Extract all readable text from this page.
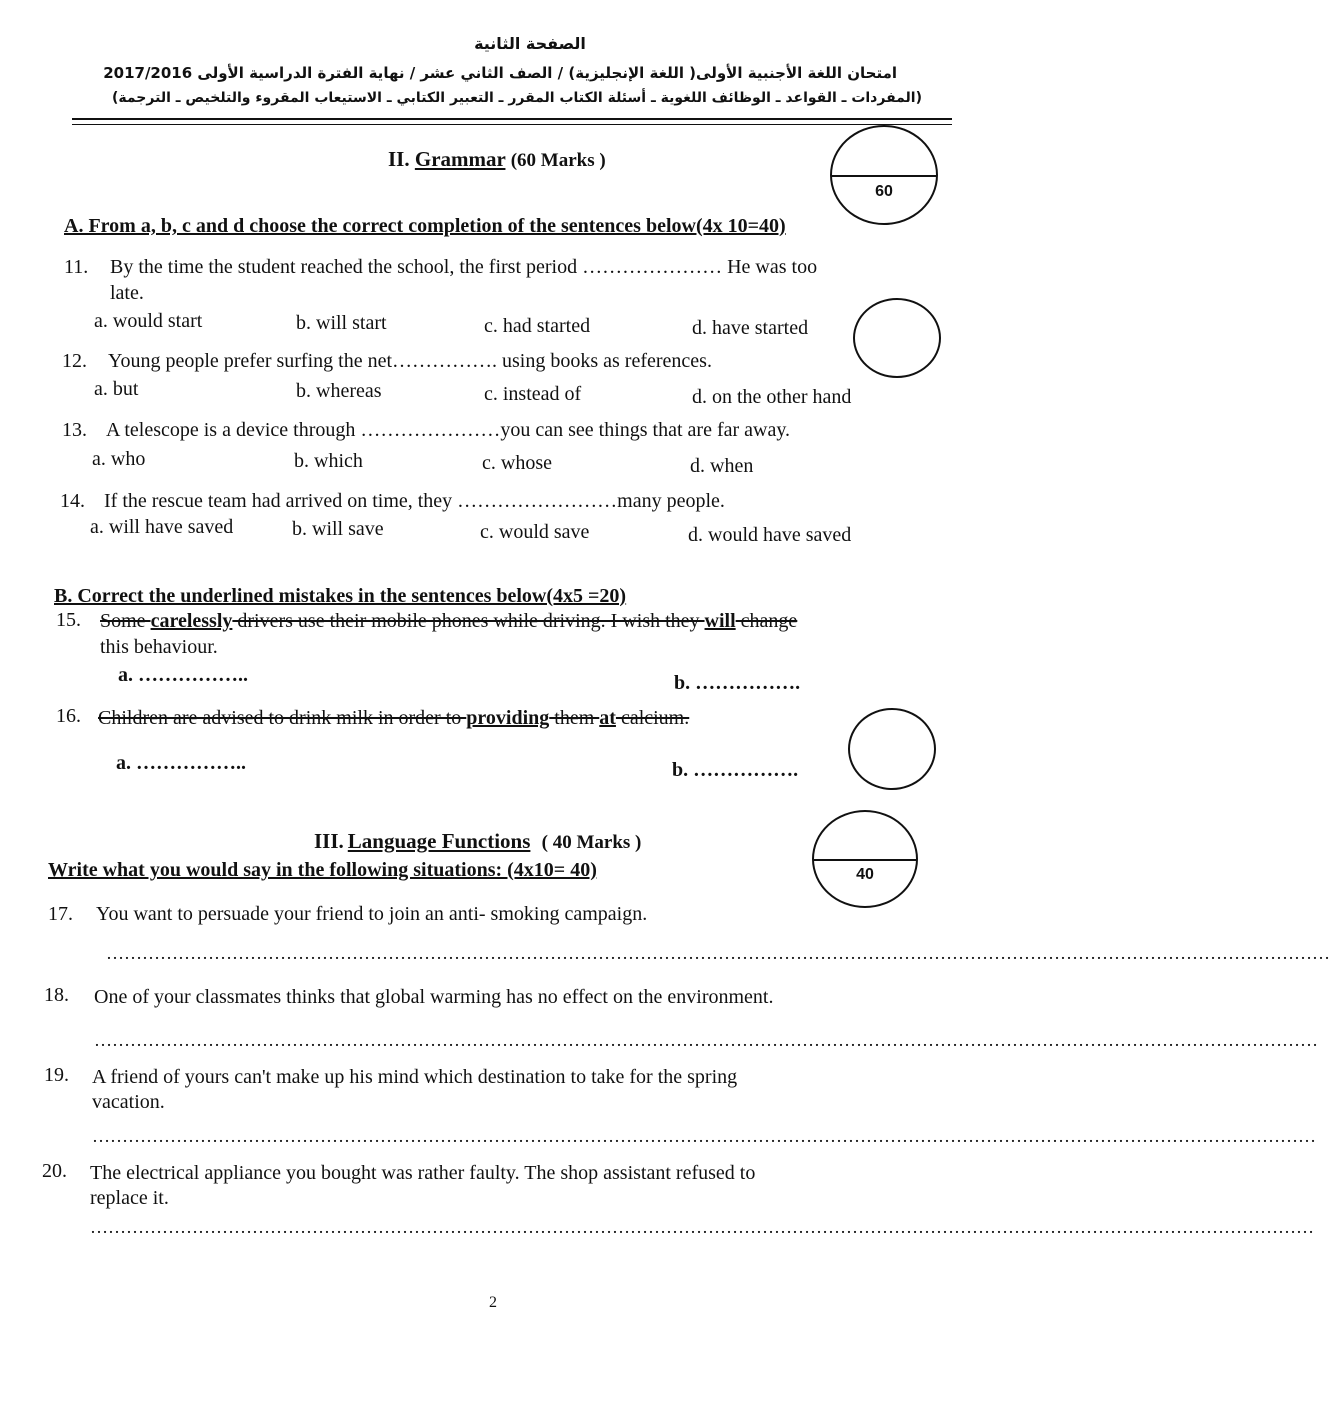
الصفحة الثانية
امتحان اللغة الأجنبية الأولى( اللغة الإنجليزية) / الصف الثاني عشر / نهاية الفترة الدراسية الأولى 2017/2016
(المفردات ـ القواعد ـ الوظائف اللغوية ـ أسئلة الكتاب المقرر ـ التعبير الكتابي ـ الاستيعاب المقروء والتلخيص ـ الترجمة)
II. Grammar (60 Marks )
60
A. From a, b, c and d choose the correct completion of the sentences below(4x 10=40)
11. By the time the student reached the school, the first period ………………… He was too
late.
a. would start	b. will start	c. had started	d. have started
12. Young people prefer surfing the net……………. using books as references.
a. but	b. whereas	c. instead of	d. on the other hand
13. A telescope is a device through …………………you can see things that are far away.
a. who	b. which	c. whose	d. when
14. If the rescue team had arrived on time, they ……………………many people.
a. will have saved	b. will save	c. would save	d. would have saved
B. Correct the underlined mistakes in the sentences below(4x5 =20)
15. Some carelessly drivers use their mobile phones while driving. I wish they will change
this behaviour.
a. ……………..	b. …………….
16. Children are advised to drink milk in order to providing them at calcium.
a. ……………..	b. …………….
III. Language Functions ( 40 Marks )
40
Write what you would say in the following situations: (4x10= 40)
17. You want to persuade your friend to join an anti- smoking campaign.
……………………………………………………………………………………………………………………………………………………………………………………
18. One of your classmates thinks that global warming has no effect on the environment.
……………………………………………………………………………………………………………………………………………………………………………………
19. A friend of yours can't make up his mind which destination to take for the spring
vacation.
……………………………………………………………………………………………………………………………………………………………………………………
20. The electrical appliance you bought was rather faulty. The shop assistant refused to
replace it.
……………………………………………………………………………………………………………………………………………………………………………………
2
